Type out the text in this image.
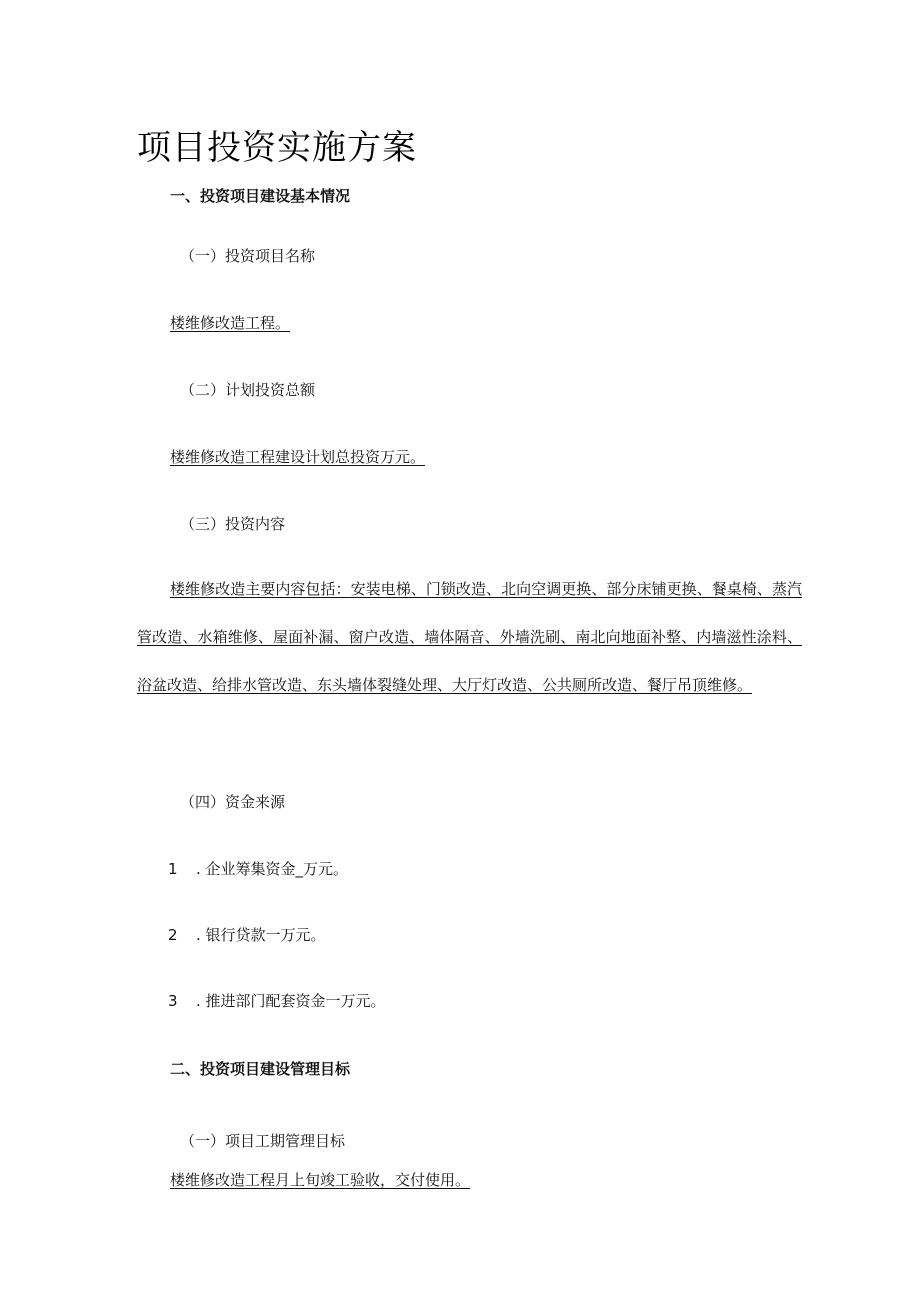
项目投资实施方案
一、投资项目建设基本情况
（一）投资项目名称
楼维修改造工程。
（二）计划投资总额
楼维修改造工程建设计划总投资万元。
（三）投资内容
楼维修改造主要内容包括：安装电梯、门锁改造、北向空调更换、部分床铺更换、餐桌椅、蒸汽管改造、水箱维修、屋面补漏、窗户改造、墙体隔音、外墙洗刷、南北向地面补整、内墙滋性涂料、浴盆改造、给排水管改造、东头墙体裂缝处理、大厅灯改造、公共厕所改造、餐厅吊顶维修。
（四）资金来源
1 . 企业筹集资金_万元。
2 . 银行贷款一万元。
3 . 推进部门配套资金一万元。
二、投资项目建设管理目标
（一）项目工期管理目标
楼维修改造工程月上旬竣工验收，交付使用。
